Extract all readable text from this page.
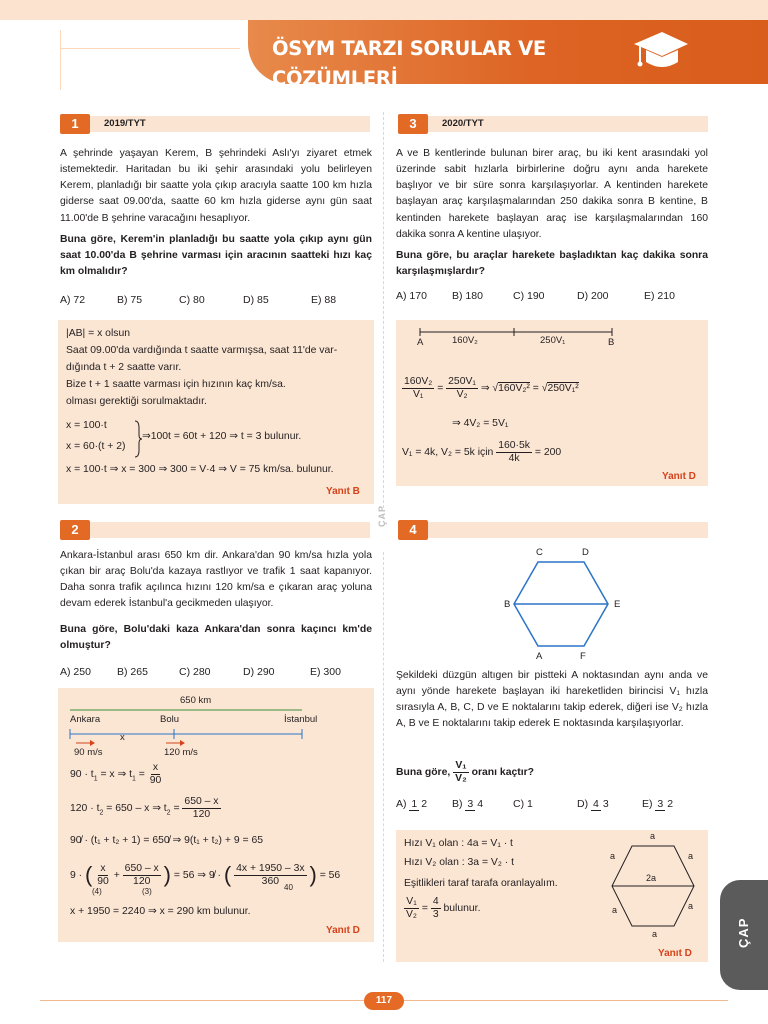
ÖSYM TARZI SORULAR VE ÇÖZÜMLERİ
ÇAP
1	2019/TYT
A şehrinde yaşayan Kerem, B şehrindeki Aslı'yı ziyaret etmek istemektedir. Haritadan bu iki şehir arasındaki yolu belirleyen Kerem, planladığı bir saatte yola çıkıp aracıyla saatte 100 km hızla giderse saat 09.00'da, saatte 60 km hızla giderse aynı gün saat 11.00'de B şehrine varacağını hesaplıyor.
Buna göre, Kerem'in planladığı bu saatte yola çıkıp aynı gün saat 10.00'da B şehrine varması için aracının saatteki hızı kaç km olmalıdır?
A) 72	B) 75	C) 80	D) 85	E) 88
|AB| = x olsun
Saat 09.00'da vardığında t saatte varmışsa, saat 11'de var-
dığında t + 2 saatte varır.
Bize t + 1 saatte varması için hızının kaç km/sa.
olması gerektiği sorulmaktadır.
x = 100·t
x = 60·(t + 2)
⇒100t = 60t + 120 ⇒ t = 3 bulunur.
x = 100·t ⇒ x = 300 ⇒ 300 = V·4 ⇒ V = 75 km/sa. bulunur.
Yanıt B
3	2020/TYT
A ve B kentlerinde bulunan birer araç, bu iki kent arasındaki yol üzerinde sabit hızlarla birbirlerine doğru aynı anda harekete başlıyor ve bir süre sonra karşılaşıyorlar. A kentinden harekete başlayan araç karşılaşmalarından 250 dakika sonra B kentine, B kentinden harekete başlayan araç ise karşılaşmalarından 160 dakika sonra A kentine ulaşıyor.
Buna göre, bu araçlar harekete başladıktan kaç dakika sonra karşılaşmışlardır?
A) 170	B) 180	C) 190	D) 200	E) 210
A	160V₂	250V₁	B
$\frac{\text{160V₂}}{\text{V₁}} = \frac{\text{250V₁}}{\text{V₂}}$ ⇒ √160V₂² = √250V₁²
⇒ 4V₂ = 5V₁
V₁ = 4k, V₂ = 5k için $\frac{160\cdot 5k}{4k} = 200$
Yanıt D
2
Ankara-İstanbul arası 650 km dir. Ankara'dan 90 km/sa hızla yola çıkan bir araç Bolu'da kazaya rastlıyor ve trafik 1 saat kapanıyor. Daha sonra trafik açılınca hızını 120 km/sa e çıkaran araç yoluna devam ederek İstanbul'a gecikmeden ulaşıyor.
Buna göre, Bolu'daki kaza Ankara'dan sonra kaçıncı km'de olmuştur?
A) 250	B) 265	C) 280	D) 290	E) 300
650 km
Ankara	Bolu	İstanbul
x
90 m/s	120 m/s
$90 \cdot t_1 = x$ ⇒ $t_1 = \frac{x}{90}$
$120 \cdot t_2 = 650 - x$ ⇒ $t_2 = \frac{650 - x}{120}$
90̸ · (t₁ + t₂ + 1) = 650̸ ⇒ 9(t₁ + t₂) + 9 = 65
9 · ( $\frac{x}{90} + \frac{650 - x}{120}$ ) = 56 ⇒ 9̸ · ( $\frac{4x + 1950 - 3x}{360}$ ) = 56
(4)	(3)	40
x + 1950 = 2240 ⇒ x = 290 km bulunur.
Yanıt D
4
C	D
B	E
A	F
Şekildeki düzgün altıgen bir pistteki A noktasından aynı anda ve aynı yönde harekete başlayan iki hareketliden birincisi V₁ hızla sırasıyla A, B, C, D ve E noktalarını takip ederek, diğeri ise V₂ hızla A, B ve E noktalarını takip ederek E noktasında karşılaşıyorlar.
Buna göre, $\frac{\text{V₁}}{\text{V₂}}$ oranı kaçtır?
A) 1 2	B) 3 4	C) 1	D) 4 3	E) 3 2
Hızı V₁ olan : 4a = V₁ · t
Hızı V₂ olan : 3a = V₂ · t
Eşitlikleri taraf tarafa oranlayalım.
$\frac{\text{V₁}}{\text{V₂}} = \frac{4}{3}$ bulunur.
a
a	a
2a
a	a
a
Yanıt D
ÇAP
117
